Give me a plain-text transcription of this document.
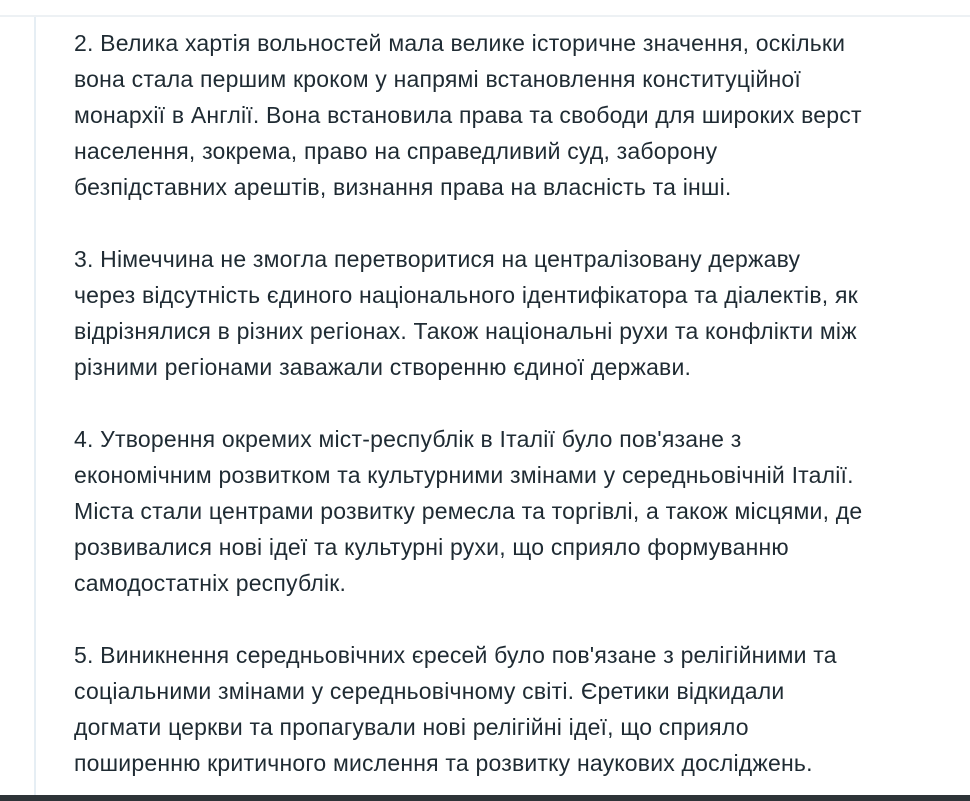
2. Велика хартія вольностей мала велике історичне значення, оскільки
вона стала першим кроком у напрямі встановлення конституційної
монархії в Англії. Вона встановила права та свободи для широких верст
населення, зокрема, право на справедливий суд, заборону
безпідставних арештів, визнання права на власність та інші.

3. Німеччина не змогла перетворитися на централізовану державу
через відсутність єдиного національного ідентифікатора та діалектів, як
відрізнялися в різних регіонах. Також національні рухи та конфлікти між
різними регіонами заважали створенню єдиної держави.

4. Утворення окремих міст-республік в Італії було пов'язане з
економічним розвитком та культурними змінами у середньовічній Італії.
Міста стали центрами розвитку ремесла та торгівлі, а також місцями, де
розвивалися нові ідеї та культурні рухи, що сприяло формуванню
самодостатніх республік.

5. Виникнення середньовічних єресей було пов'язане з релігійними та
соціальними змінами у середньовічному світі. Єретики відкидали
догмати церкви та пропагували нові релігійні ідеї, що сприяло
поширенню критичного мислення та розвитку наукових досліджень.
